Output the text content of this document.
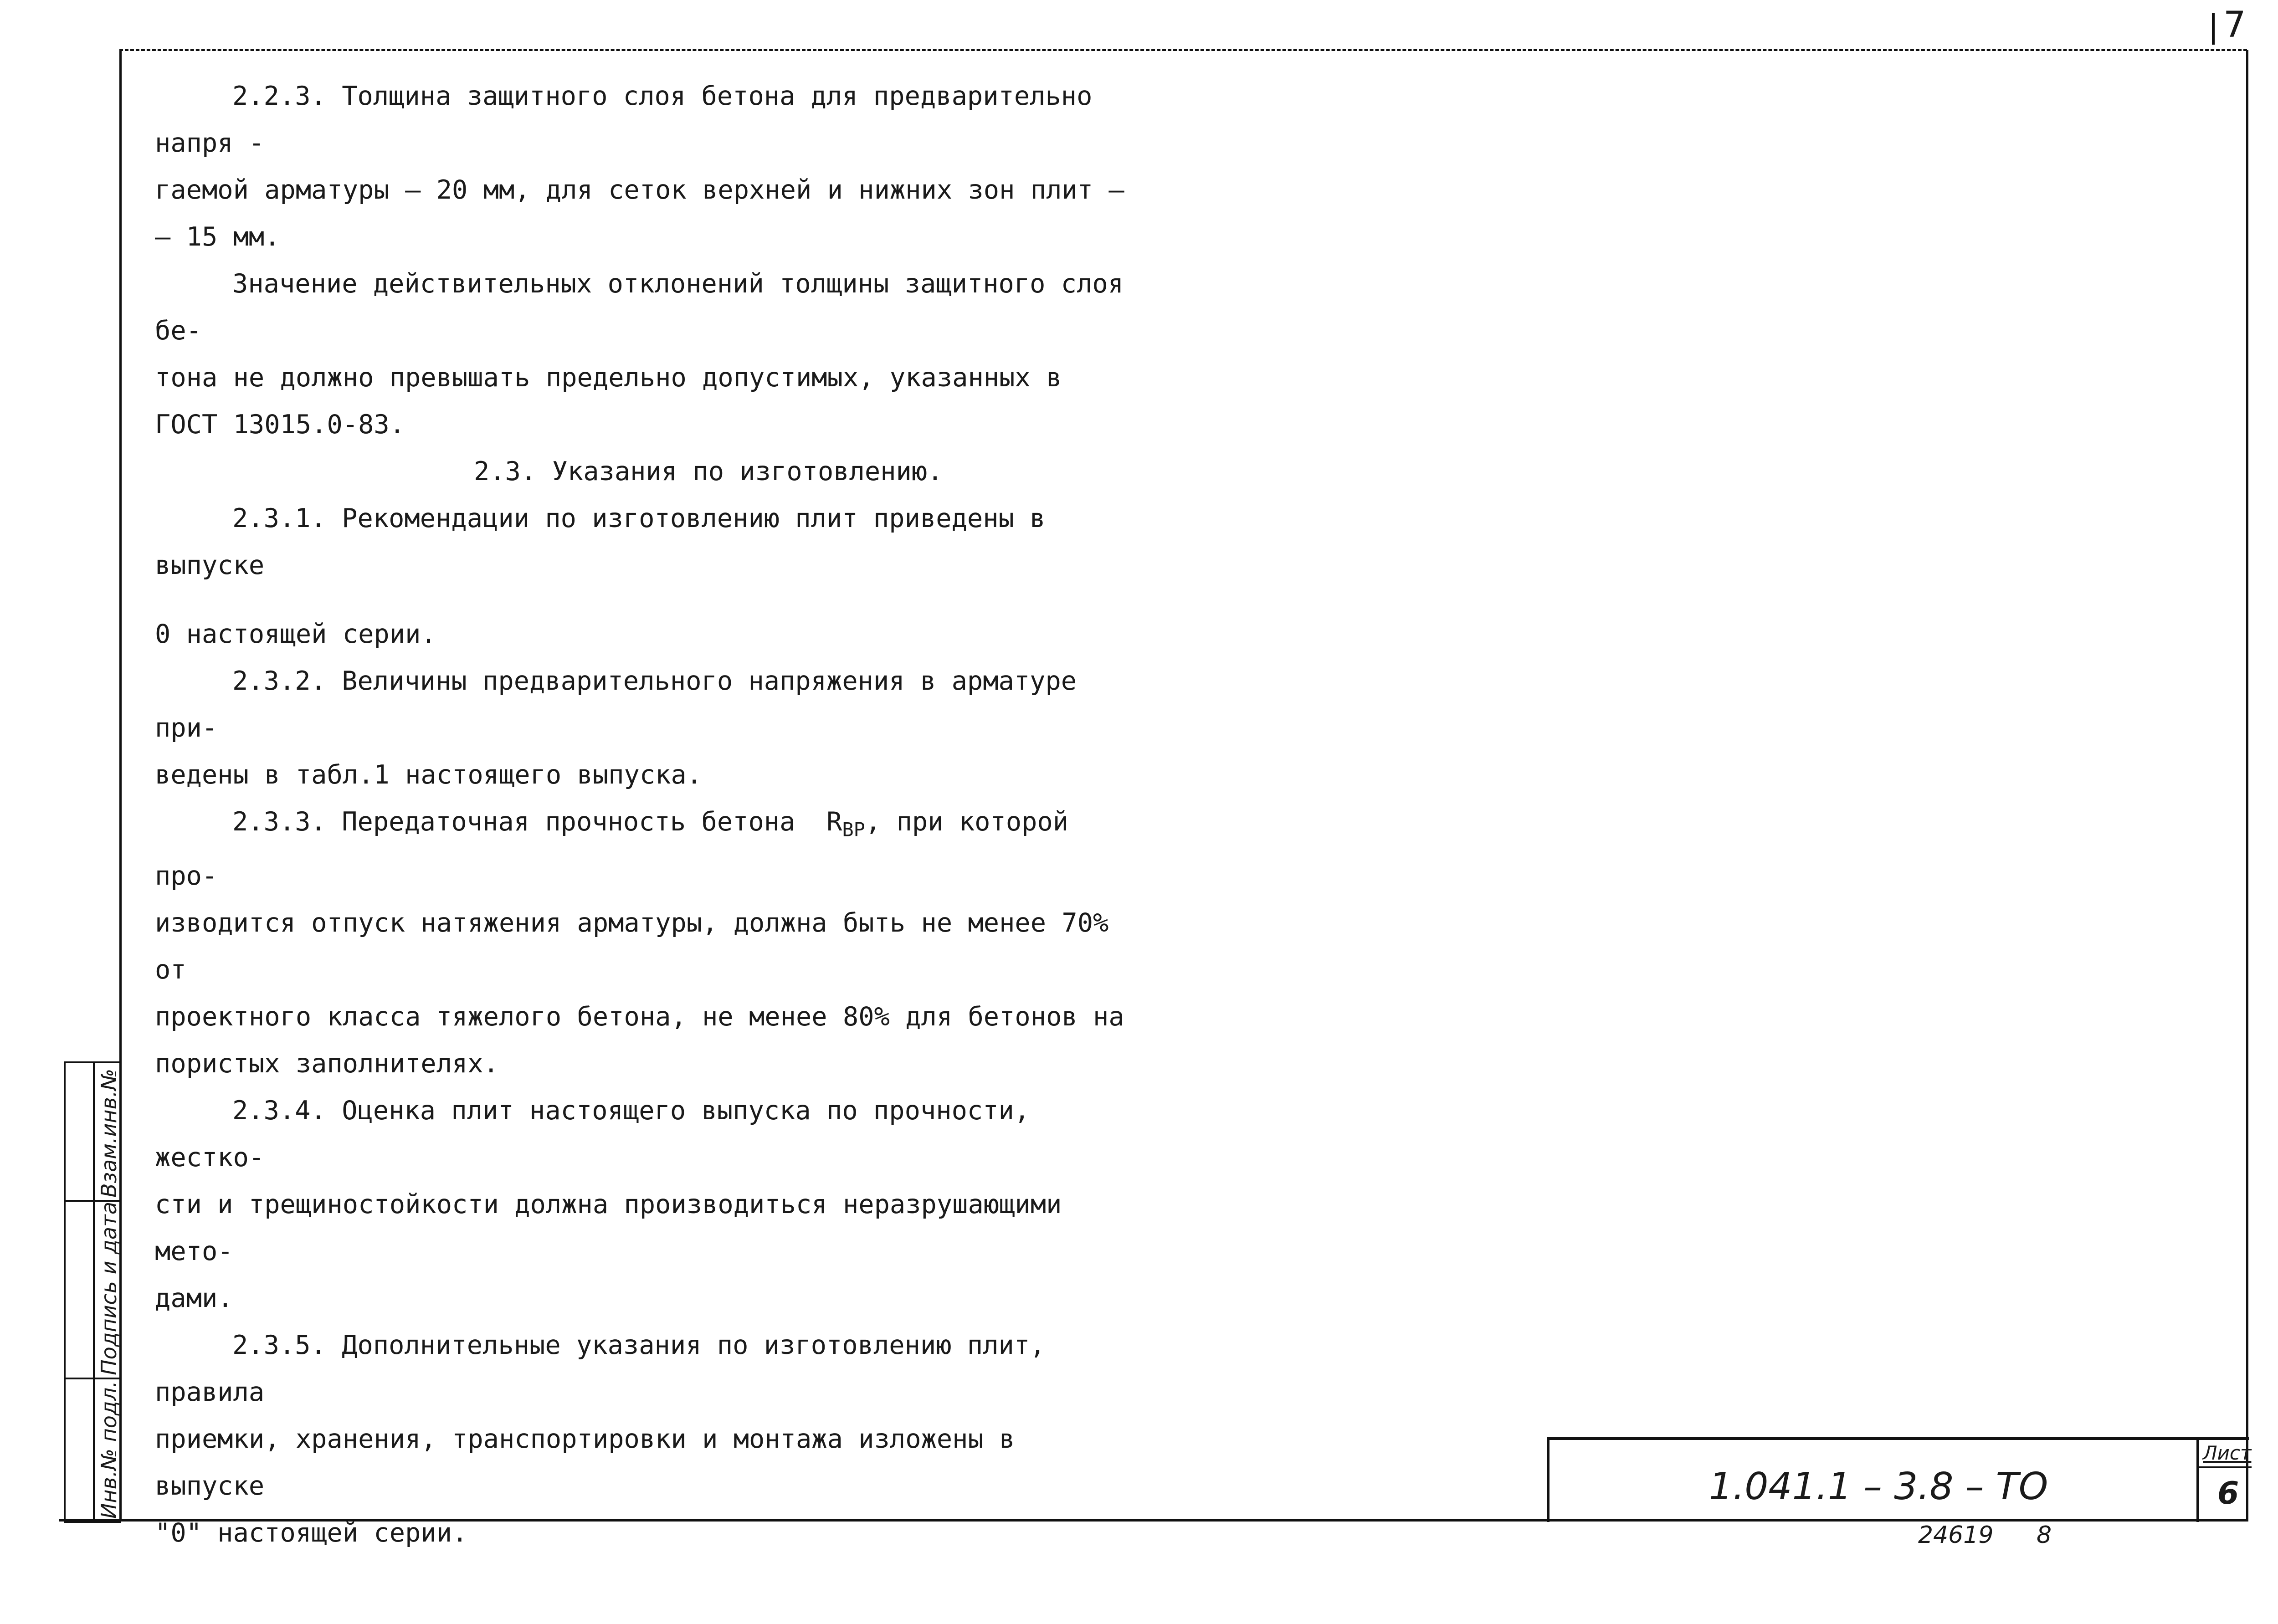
7

2.2.3. Толщина защитного слоя бетона для предварительно напря -
гаемой арматуры – 20 мм, для сеток верхней и нижних зон плит –
– 15 мм.

Значение действительных отклонений толщины защитного слоя бе-
тона не должно превышать предельно допустимых, указанных в
ГОСТ 13015.0-83.

2.3. Указания по изготовлению.

2.3.1. Рекомендации по изготовлению плит приведены в выпуске

0 настоящей серии.

2.3.2. Величины предварительного напряжения в арматуре при-
ведены в табл.1 настоящего выпуска.

2.3.3. Передаточная прочность бетона $R_{BP}$, при которой про-
изводится отпуск натяжения арматуры, должна быть не менее 70% от
проектного класса тяжелого бетона, не менее 80% для бетонов на
пористых заполнителях.

2.3.4. Оценка плит настоящего выпуска по прочности, жестко-
сти и трещиностойкости должна производиться неразрушающими мето-
дами.

2.3.5. Дополнительные указания по изготовлению плит, правила
приемки, хранения, транспортировки и монтажа изложены в выпуске
"0" настоящей серии.

Инв.№ подл.
Подпись и дата
Взам.инв.№
1.041.1 – 3.8 – ТО
Лист
6
24619 8
